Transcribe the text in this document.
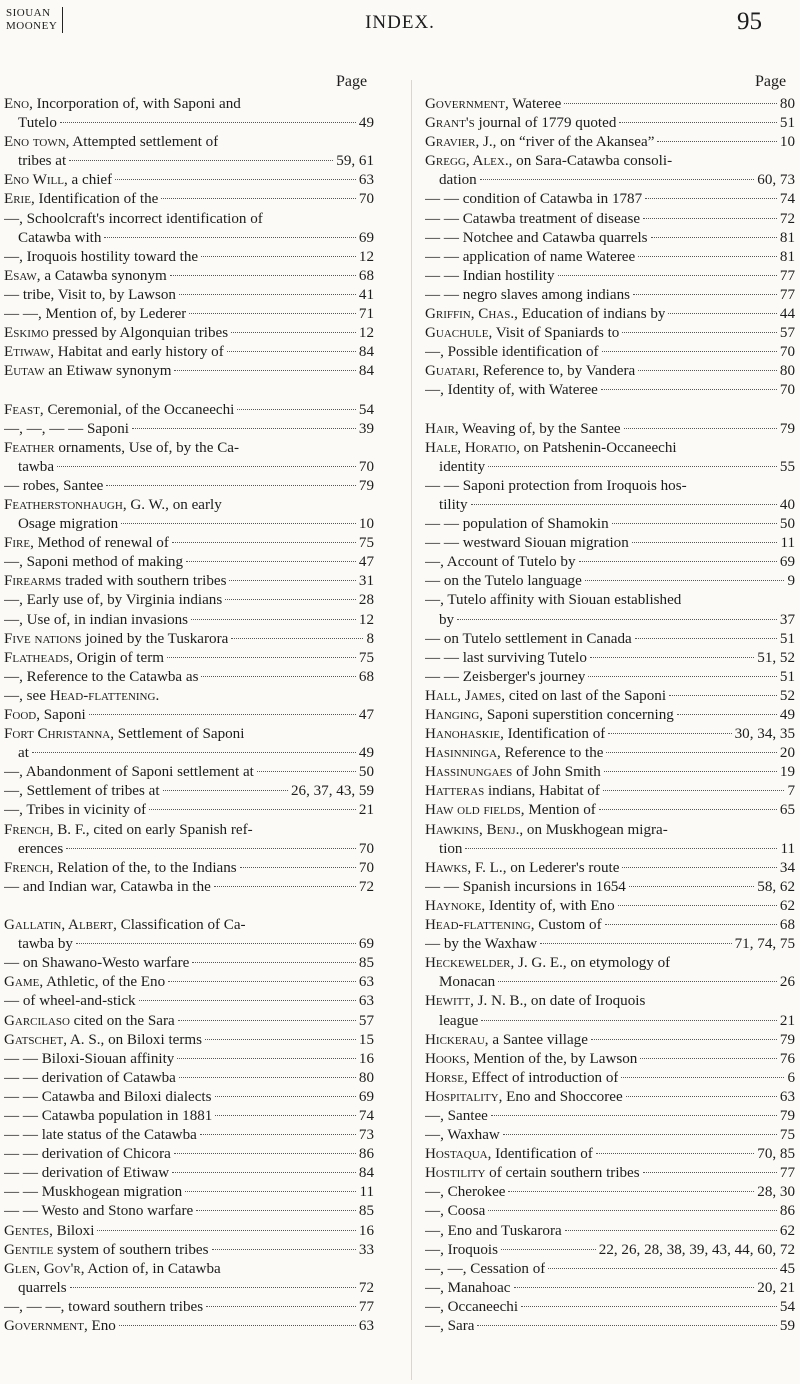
SIOUAN
MOONEY	INDEX.	95
Page	Page
Eno, Incorporation of, with Saponi and
Tutelo	49
Eno town, Attempted settlement of
tribes at	59, 61
Eno Will, a chief	63
Erie, Identification of the	70
—, Schoolcraft's incorrect identification of
Catawba with	69
—, Iroquois hostility toward the	12
Esaw, a Catawba synonym	68
— tribe, Visit to, by Lawson	41
— —, Mention of, by Lederer	71
Eskimo pressed by Algonquian tribes	12
Etiwaw, Habitat and early history of	84
Eutaw an Etiwaw synonym	84
Feast, Ceremonial, of the Occaneechi	54
—, —, — — Saponi	39
Feather ornaments, Use of, by the Ca-
tawba	70
— robes, Santee	79
Featherstonhaugh, G. W., on early
Osage migration	10
Fire, Method of renewal of	75
—, Saponi method of making	47
Firearms traded with southern tribes	31
—, Early use of, by Virginia indians	28
—, Use of, in indian invasions	12
Five nations joined by the Tuskarora	8
Flatheads, Origin of term	75
—, Reference to the Catawba as	68
—, see Head-flattening.
Food, Saponi	47
Fort Christanna, Settlement of Saponi
at	49
—, Abandonment of Saponi settlement at	50
—, Settlement of tribes at	26, 37, 43, 59
—, Tribes in vicinity of	21
French, B. F., cited on early Spanish ref-
erences	70
French, Relation of the, to the Indians	70
— and Indian war, Catawba in the	72
Gallatin, Albert, Classification of Ca-
tawba by	69
— on Shawano-Westo warfare	85
Game, Athletic, of the Eno	63
— of wheel-and-stick	63
Garcilaso cited on the Sara	57
Gatschet, A. S., on Biloxi terms	15
— — Biloxi-Siouan affinity	16
— — derivation of Catawba	80
— — Catawba and Biloxi dialects	69
— — Catawba population in 1881	74
— — late status of the Catawba	73
— — derivation of Chicora	86
— — derivation of Etiwaw	84
— — Muskhogean migration	11
— — Westo and Stono warfare	85
Gentes, Biloxi	16
Gentile system of southern tribes	33
Glen, Gov'r, Action of, in Catawba
quarrels	72
—, — —, toward southern tribes	77
Government, Eno	63
Government, Wateree	80
Grant's journal of 1779 quoted	51
Gravier, J., on “river of the Akansea”	10
Gregg, Alex., on Sara-Catawba consoli-
dation	60, 73
— — condition of Catawba in 1787	74
— — Catawba treatment of disease	72
— — Notchee and Catawba quarrels	81
— — application of name Wateree	81
— — Indian hostility	77
— — negro slaves among indians	77
Griffin, Chas., Education of indians by	44
Guachule, Visit of Spaniards to	57
—, Possible identification of	70
Guatari, Reference to, by Vandera	80
—, Identity of, with Wateree	70
Hair, Weaving of, by the Santee	79
Hale, Horatio, on Patshenin-Occaneechi
identity	55
— — Saponi protection from Iroquois hos-
tility	40
— — population of Shamokin	50
— — westward Siouan migration	11
—, Account of Tutelo by	69
— on the Tutelo language	9
—, Tutelo affinity with Siouan established
by	37
— on Tutelo settlement in Canada	51
— — last surviving Tutelo	51, 52
— — Zeisberger's journey	51
Hall, James, cited on last of the Saponi	52
Hanging, Saponi superstition concerning	49
Hanohaskie, Identification of	30, 34, 35
Hasinninga, Reference to the	20
Hassinungaes of John Smith	19
Hatteras indians, Habitat of	7
Haw old fields, Mention of	65
Hawkins, Benj., on Muskhogean migra-
tion	11
Hawks, F. L., on Lederer's route	34
— — Spanish incursions in 1654	58, 62
Haynoke, Identity of, with Eno	62
Head-flattening, Custom of	68
— by the Waxhaw	71, 74, 75
Heckewelder, J. G. E., on etymology of
Monacan	26
Hewitt, J. N. B., on date of Iroquois
league	21
Hickerau, a Santee village	79
Hooks, Mention of the, by Lawson	76
Horse, Effect of introduction of	6
Hospitality, Eno and Shoccoree	63
—, Santee	79
—, Waxhaw	75
Hostaqua, Identification of	70, 85
Hostility of certain southern tribes	77
—, Cherokee	28, 30
—, Coosa	86
—, Eno and Tuskarora	62
—, Iroquois	22, 26, 28, 38, 39, 43, 44, 60, 72
—, —, Cessation of	45
—, Manahoac	20, 21
—, Occaneechi	54
—, Sara	59
